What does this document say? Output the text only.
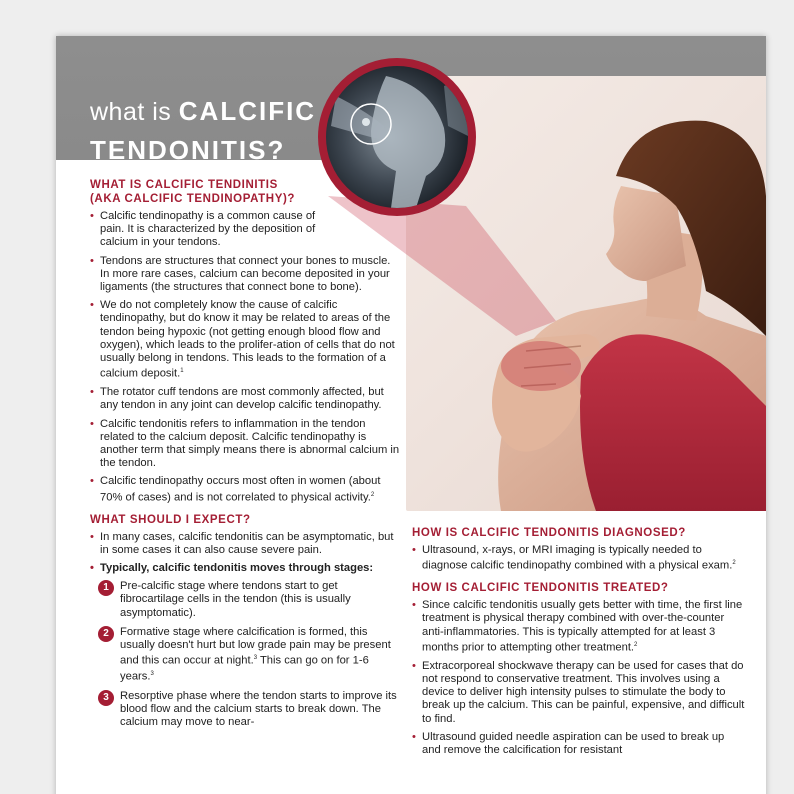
what is CALCIFIC
TENDONITIS?
WHAT IS CALCIFIC TENDINITIS
(AKA CALCIFIC TENDINOPATHY)?
• Calcific tendinopathy is a common cause of pain. It is characterized by the deposition of calcium in your tendons.
• Tendons are structures that connect your bones to muscle. In more rare cases, calcium can become deposited in your ligaments (the structures that connect bone to bone).
• We do not completely know the cause of calcific tendinopathy, but do know it may be related to areas of the tendon being hypoxic (not getting enough blood flow and oxygen), which leads to the prolifer-ation of cells that do not usually belong in tendons. This leads to the formation of a calcium deposit.$^1$
• The rotator cuff tendons are most commonly affected, but any tendon in any joint can develop calcific tendinopathy.
• Calcific tendonitis refers to inflammation in the tendon related to the calcium deposit. Calcific tendinopathy is another term that simply means there is abnormal calcium in the tendon.
• Calcific tendinopathy occurs most often in women (about 70% of cases) and is not correlated to physical activity.$^2$
WHAT SHOULD I EXPECT?
• In many cases, calcific tendonitis can be asymptomatic, but in some cases it can also cause severe pain.
• Typically, calcific tendonitis moves through stages:
1	Pre-calcific stage where tendons start to get fibrocartilage cells in the tendon (this is usually asymptomatic).
2	Formative stage where calcification is formed, this usually doesn't hurt but low grade pain may be present and this can occur at night.$^3$ This can go on for 1-6 years.$^3$
3	Resorptive phase where the tendon starts to improve its blood flow and the calcium starts to break down. The calcium may move to near-
HOW IS CALCIFIC TENDONITIS DIAGNOSED?
• Ultrasound, x-rays, or MRI imaging is typically needed to diagnose calcific tendinopathy combined with a physical exam.$^2$
HOW IS CALCIFIC TENDONITIS TREATED?
• Since calcific tendonitis usually gets better with time, the first line treatment is physical therapy combined with over-the-counter anti-inflammatories. This is typically attempted for at least 3 months prior to attempting other treatment.$^2$
• Extracorporeal shockwave therapy can be used for cases that do not respond to conservative treatment. This involves using a device to deliver high intensity pulses to stimulate the body to break up the calcium. This can be painful, expensive, and difficult to find.
• Ultrasound guided needle aspiration can be used to break up and remove the calcification for resistant
